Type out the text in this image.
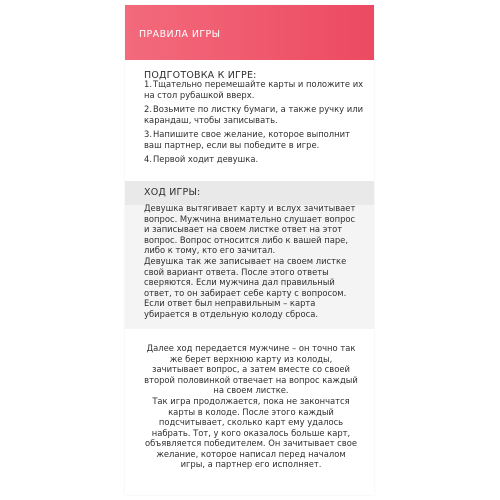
ПРАВИЛА ИГРЫ
ПОДГОТОВКА К ИГРЕ:
1.Тщательно перемешайте карты и положите их на стол рубашкой вверх.
2.Возьмите по листку бумаги, а также ручку или карандаш, чтобы записывать.
3.Напишите свое желание, которое выполнит ваш партнер, если вы победите в игре.
4.Первой ходит девушка.
ХОД ИГРЫ:

Девушка вытягивает карту и вслух зачитывает вопрос. Мужчина внимательно слушает вопрос и записывает на своем листке ответ на этот вопрос. Вопрос относится либо к вашей паре, либо к тому, кто его зачитал.

Девушка так же записывает на своем листке свой вариант ответа. После этого ответы сверяются. Если мужчина дал правильный ответ, то он забирает себе карту с вопросом. Если ответ был неправильным – карта убирается в отдельную колоду сброса.

Далее ход передается мужчине – он точно так же берет верхнюю карту из колоды, зачитывает вопрос, а затем вместе со своей второй половинкой отвечает на вопрос каждый на своем листке.

Так игра продолжается, пока не закончатся карты в колоде. После этого каждый подсчитывает, сколько карт ему удалось набрать. Тот, у кого оказалось больше карт, объявляется победителем. Он зачитывает свое желание, которое написал перед началом игры, а партнер его исполняет.
